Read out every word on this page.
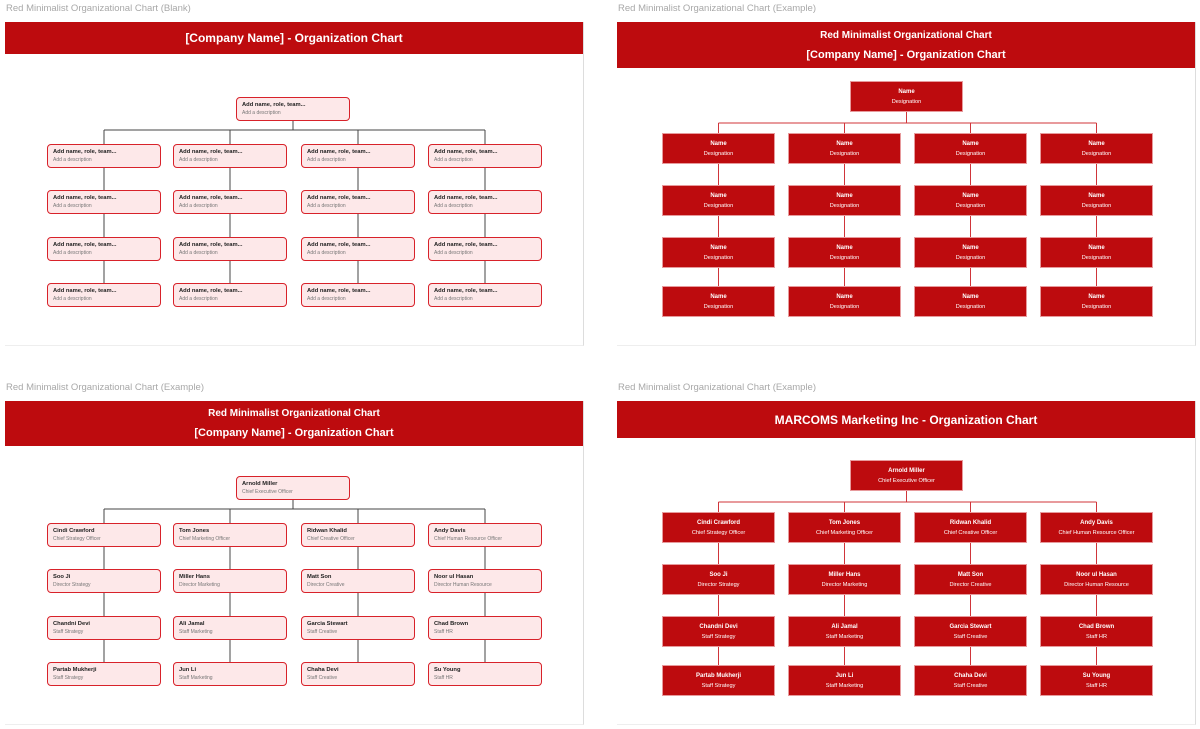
Red Minimalist Organizational Chart (Blank)
[Company Name] - Organization Chart
Add name, role, team...
Add a description
Add name, role, team...
Add a description
Add name, role, team...
Add a description
Add name, role, team...
Add a description
Add name, role, team...
Add a description
Add name, role, team...
Add a description
Add name, role, team...
Add a description
Add name, role, team...
Add a description
Add name, role, team...
Add a description
Add name, role, team...
Add a description
Add name, role, team...
Add a description
Add name, role, team...
Add a description
Add name, role, team...
Add a description
Add name, role, team...
Add a description
Add name, role, team...
Add a description
Add name, role, team...
Add a description
Add name, role, team...
Add a description
Red Minimalist Organizational Chart (Example)
Red Minimalist Organizational Chart
[Company Name] - Organization Chart
Name
Designation
Name
Designation
Name
Designation
Name
Designation
Name
Designation
Name
Designation
Name
Designation
Name
Designation
Name
Designation
Name
Designation
Name
Designation
Name
Designation
Name
Designation
Name
Designation
Name
Designation
Name
Designation
Name
Designation
Red Minimalist Organizational Chart (Example)
Red Minimalist Organizational Chart
[Company Name] - Organization Chart
Arnold Miller
Chief Executive Officer
Cindi Crawford
Chief Strategy Officer
Soo Ji
Director Strategy
Chandni Devi
Staff Strategy
Partab Mukherji
Staff Strategy
Tom Jones
Chief Marketing Officer
Miller Hans
Director Marketing
Ali Jamal
Staff Marketing
Jun Li
Staff Marketing
Ridwan Khalid
Chief Creative Officer
Matt Son
Director Creative
Garcia Stewart
Staff Creative
Chaha Devi
Staff Creative
Andy Davis
Chief Human Resource Officer
Noor ul Hasan
Director Human Resource
Chad Brown
Staff HR
Su Young
Staff HR
Red Minimalist Organizational Chart (Example)
MARCOMS Marketing Inc - Organization Chart
Arnold Miller
Chief Executive Officer
Cindi Crawford
Chief Strategy Officer
Soo Ji
Director Strategy
Chandni Devi
Staff Strategy
Partab Mukherji
Staff Strategy
Tom Jones
Chief Marketing Officer
Miller Hans
Director Marketing
Ali Jamal
Staff Marketing
Jun Li
Staff Marketing
Ridwan Khalid
Chief Creative Officer
Matt Son
Director Creative
Garcia Stewart
Staff Creative
Chaha Devi
Staff Creative
Andy Davis
Chief Human Resource Officer
Noor ul Hasan
Director Human Resource
Chad Brown
Staff HR
Su Young
Staff HR
